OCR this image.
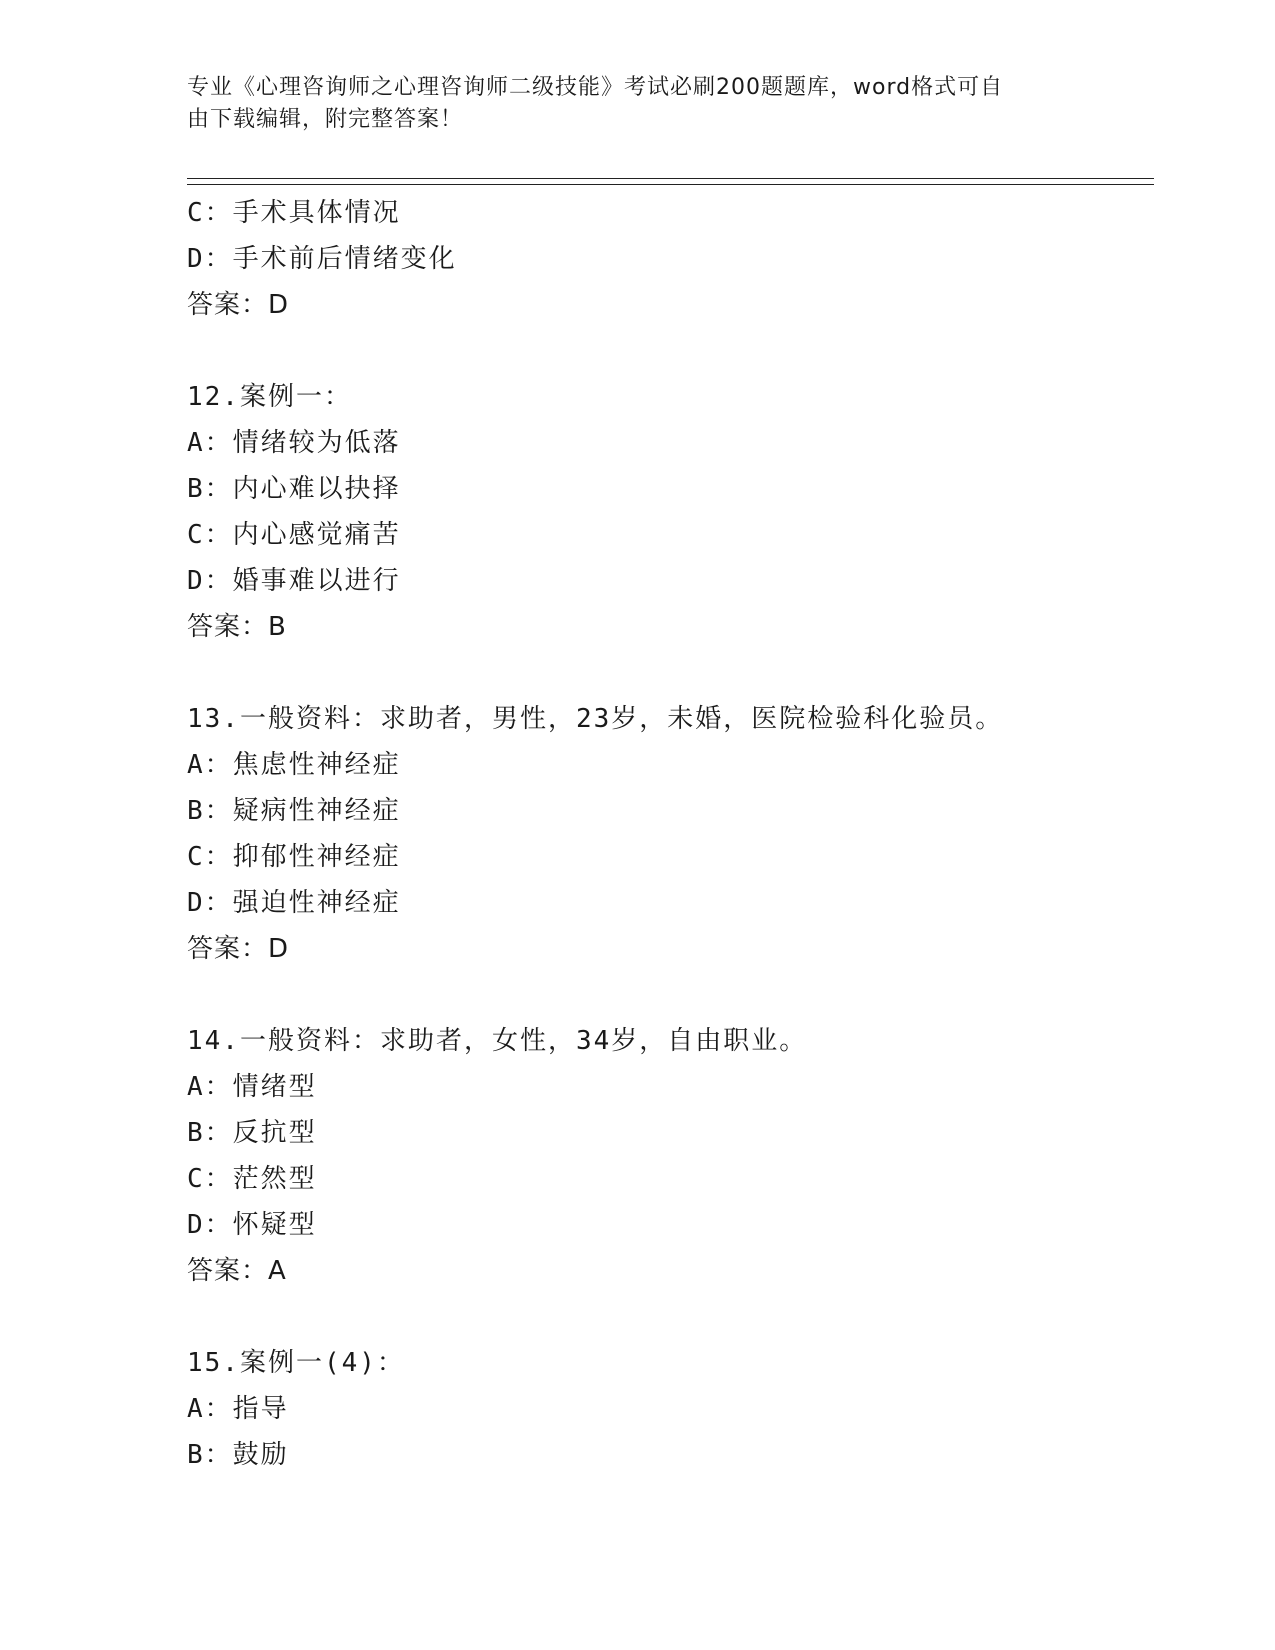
专业《心理咨询师之心理咨询师二级技能》考试必刷200题题库，word格式可自
由下载编辑，附完整答案！
C：手术具体情况
D：手术前后情绪变化
答案：D
12.案例一：
A：情绪较为低落
B：内心难以抉择
C：内心感觉痛苦
D：婚事难以进行
答案：B
13.一般资料：求助者，男性，23岁，未婚，医院检验科化验员。
A：焦虑性神经症
B：疑病性神经症
C：抑郁性神经症
D：强迫性神经症
答案：D
14.一般资料：求助者，女性，34岁，自由职业。
A：情绪型
B：反抗型
C：茫然型
D：怀疑型
答案：A
15.案例一(4)：
A：指导
B：鼓励
